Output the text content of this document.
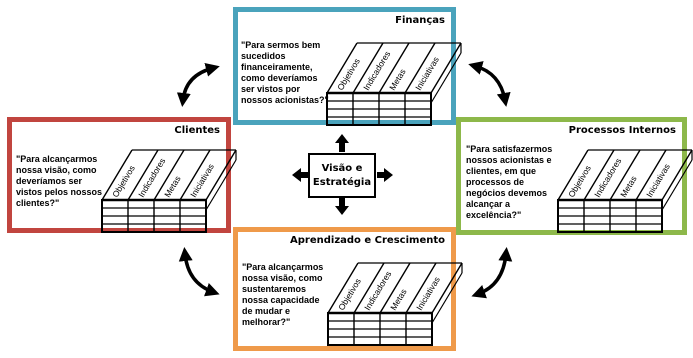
Finanças
"Para sermos bem
sucedidos
financeiramente,
como deveríamos
ser vistos por
nossos acionistas?"
Objetivos Indicadores
Metas Iniciativas
Clientes
"Para alcançarmos
nossa visão, como
deveríamos ser
vistos pelos nossos
clientes?"
Objetivos Indicadores
Metas Iniciativas
Processos Internos
"Para satisfazermos
nossos acionistas e
clientes, em que
processos de
negócios devemos
alcançar a
excelência?"
Objetivos Indicadores
Metas Iniciativas
Aprendizado e Crescimento
"Para alcançarmos
nossa visão, como
sustentaremos
nossa capacidade
de mudar e
melhorar?"
Objetivos Indicadores
Metas Iniciativas
Visão e
Estratégia
